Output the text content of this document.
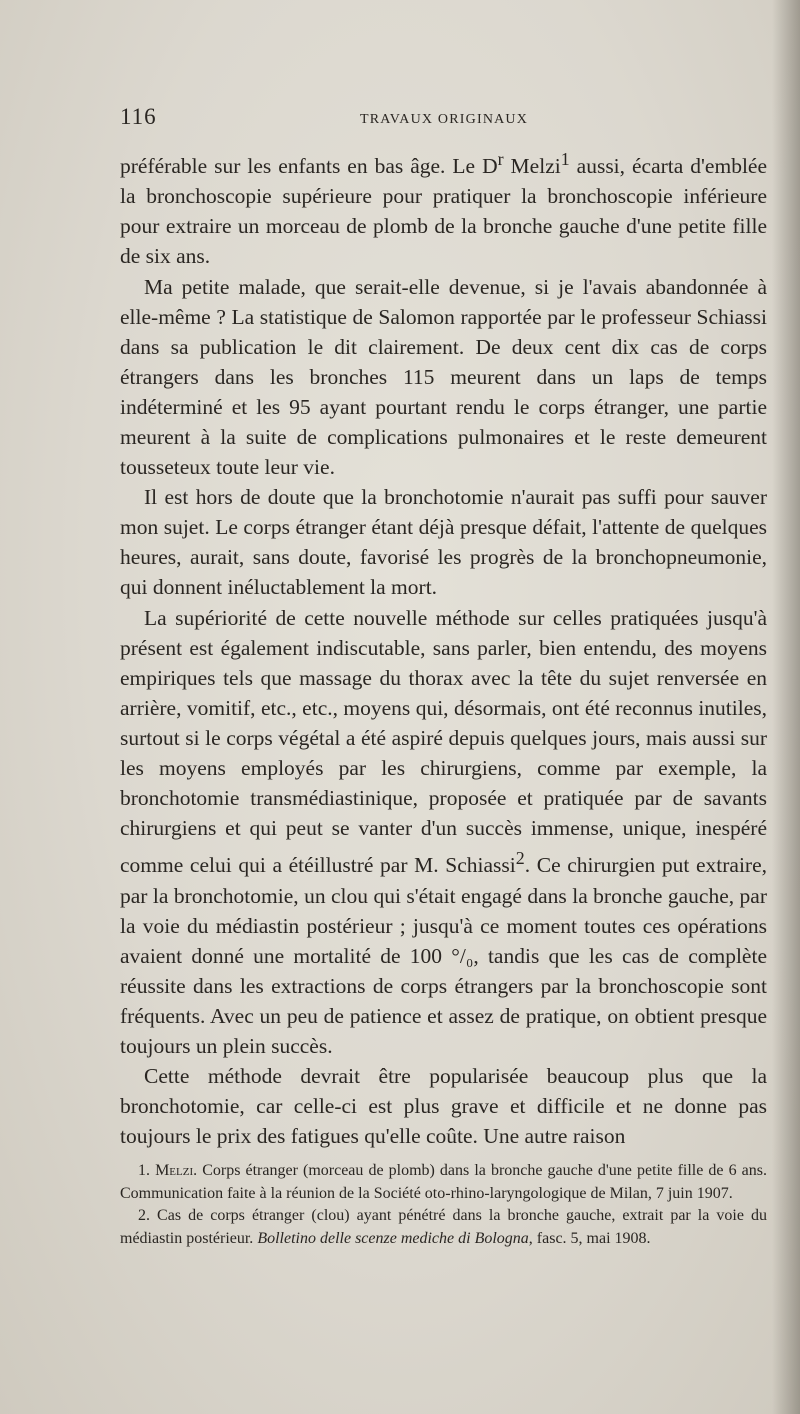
116	TRAVAUX ORIGINAUX

préférable sur les enfants en bas âge. Le $D^r$ Melzi$^1$ aussi, écarta d'emblée la bronchoscopie supérieure pour pratiquer la bronchoscopie inférieure pour extraire un morceau de plomb de la bronche gauche d'une petite fille de six ans.

Ma petite malade, que serait-elle devenue, si je l'avais abandonnée à elle-même ? La statistique de Salomon rapportée par le professeur Schiassi dans sa publication le dit clairement. De deux cent dix cas de corps étrangers dans les bronches 115 meurent dans un laps de temps indéterminé et les 95 ayant pourtant rendu le corps étranger, une partie meurent à la suite de complications pulmonaires et le reste demeurent tousseteux toute leur vie.

Il est hors de doute que la bronchotomie n'aurait pas suffi pour sauver mon sujet. Le corps étranger étant déjà presque défait, l'attente de quelques heures, aurait, sans doute, favorisé les progrès de la bronchopneumonie, qui donnent inéluctablement la mort.

La supériorité de cette nouvelle méthode sur celles pratiquées jusqu'à présent est également indiscutable, sans parler, bien entendu, des moyens empiriques tels que massage du thorax avec la tête du sujet renversée en arrière, vomitif, etc., etc., moyens qui, désormais, ont été reconnus inutiles, surtout si le corps végétal a été aspiré depuis quelques jours, mais aussi sur les moyens employés par les chirurgiens, comme par exemple, la bronchotomie transmédiastinique, proposée et pratiquée par de savants chirurgiens et qui peut se vanter d'un succès immense, unique, inespéré comme celui qui a étéillustré par M. Schiassi$^2$. Ce chirurgien put extraire, par la bronchotomie, un clou qui s'était engagé dans la bronche gauche, par la voie du médiastin postérieur ; jusqu'à ce moment toutes ces opérations avaient donné une mortalité de 100 °/₀, tandis que les cas de complète réussite dans les extractions de corps étrangers par la bronchoscopie sont fréquents. Avec un peu de patience et assez de pratique, on obtient presque toujours un plein succès.

Cette méthode devrait être popularisée beaucoup plus que la bronchotomie, car celle-ci est plus grave et difficile et ne donne pas toujours le prix des fatigues qu'elle coûte. Une autre raison

1. Melzi. Corps étranger (morceau de plomb) dans la bronche gauche d'une petite fille de 6 ans. Communication faite à la réunion de la Société oto-rhino-laryngologique de Milan, 7 juin 1907.

2. Cas de corps étranger (clou) ayant pénétré dans la bronche gauche, extrait par la voie du médiastin postérieur. Bolletino delle scenze mediche di Bologna, fasc. 5, mai 1908.
